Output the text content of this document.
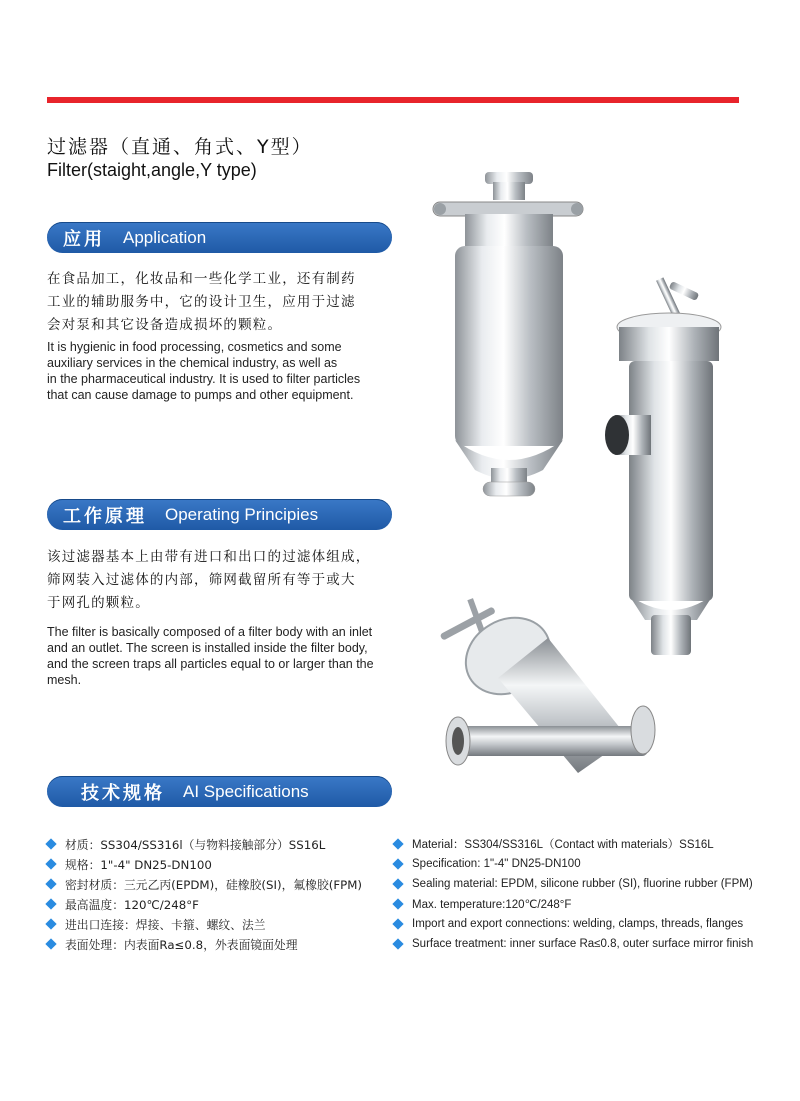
过滤器（直通、角式、Y型）
Filter(staight,angle,Y type)
应用 Application
在食品加工，化妆品和一些化学工业，还有制药
工业的辅助服务中，它的设计卫生，应用于过滤
会对泵和其它设备造成损坏的颗粒。
It is hygienic in food processing, cosmetics and some
auxiliary services in the chemical industry, as well as
in the pharmaceutical industry. It is used to filter particles
that can cause damage to pumps and other equipment.
工作原理 Operating Principies
该过滤器基本上由带有进口和出口的过滤体组成，
筛网装入过滤体的内部，筛网截留所有等于或大
于网孔的颗粒。
The filter is basically composed of a filter body with an inlet
and an outlet. The screen is installed inside the filter body,
and the screen traps all particles equal to or larger than the
mesh.
技术规格 AI Specifications
材质：SS304/SS316l（与物料接触部分）SS16L
规格：1"-4" DN25-DN100
密封材质：三元乙丙(EPDM)，硅橡胶(SI)，氟橡胶(FPM)
最高温度：120℃/248°F
进出口连接：焊接、卡箍、螺纹、法兰
表面处理：内表面Ra≤0.8，外表面镜面处理
Material：SS304/SS316L（Contact with materials）SS16L
Specification: 1"-4" DN25-DN100
Sealing material: EPDM, silicone rubber (SI), fluorine rubber (FPM)
Max. temperature:120℃/248°F
Import and export connections: welding, clamps, threads, flanges
Surface treatment: inner surface Ra≤0.8, outer surface mirror finish
